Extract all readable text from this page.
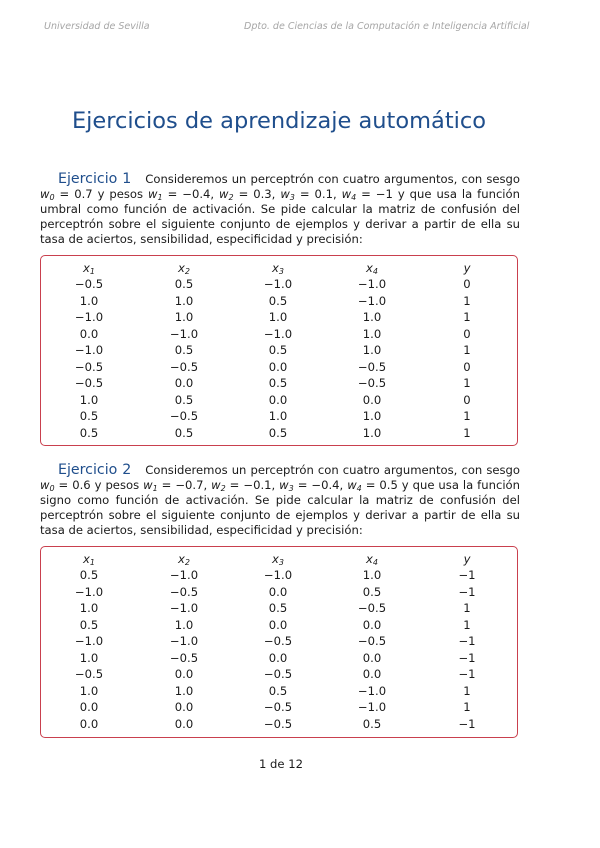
Universidad de Sevilla	Dpto. de Ciencias de la Computación e Inteligencia Artificial
Ejercicios de aprendizaje automático

Ejercicio 1 Consideremos un perceptrón con cuatro argumentos, con sesgo $w_0 = 0.7$ y pesos $w_1 = -0.4$, $w_2 = 0.3$, $w_3 = 0.1$, $w_4 = -1$ y que usa la función umbral como función de activación. Se pide calcular la matriz de confusión del perceptrón sobre el siguiente conjunto de ejemplos y derivar a partir de ella su tasa de aciertos, sensibilidad, especificidad y precisión:

$x_1$	$x_2$	$x_3$	$x_4$	y
−0.5	0.5	−1.0	−1.0	0
1.0	1.0	0.5	−1.0	1
−1.0	1.0	1.0	1.0	1
0.0	−1.0	−1.0	1.0	0
−1.0	0.5	0.5	1.0	1
−0.5	−0.5	0.0	−0.5	0
−0.5	0.0	0.5	−0.5	1
1.0	0.5	0.0	0.0	0
0.5	−0.5	1.0	1.0	1
0.5	0.5	0.5	1.0	1

Ejercicio 2 Consideremos un perceptrón con cuatro argumentos, con sesgo $w_0 = 0.6$ y pesos $w_1 = -0.7$, $w_2 = -0.1$, $w_3 = -0.4$, $w_4 = 0.5$ y que usa la función signo como función de activación. Se pide calcular la matriz de confusión del perceptrón sobre el siguiente conjunto de ejemplos y derivar a partir de ella su tasa de aciertos, sensibilidad, especificidad y precisión:

$x_1$	$x_2$	$x_3$	$x_4$	y
0.5	−1.0	−1.0	1.0	−1
−1.0	−0.5	0.0	0.5	−1
1.0	−1.0	0.5	−0.5	1
0.5	1.0	0.0	0.0	1
−1.0	−1.0	−0.5	−0.5	−1
1.0	−0.5	0.0	0.0	−1
−0.5	0.0	−0.5	0.0	−1
1.0	1.0	0.5	−1.0	1
0.0	0.0	−0.5	−1.0	1
0.0	0.0	−0.5	0.5	−1
1 de 12
